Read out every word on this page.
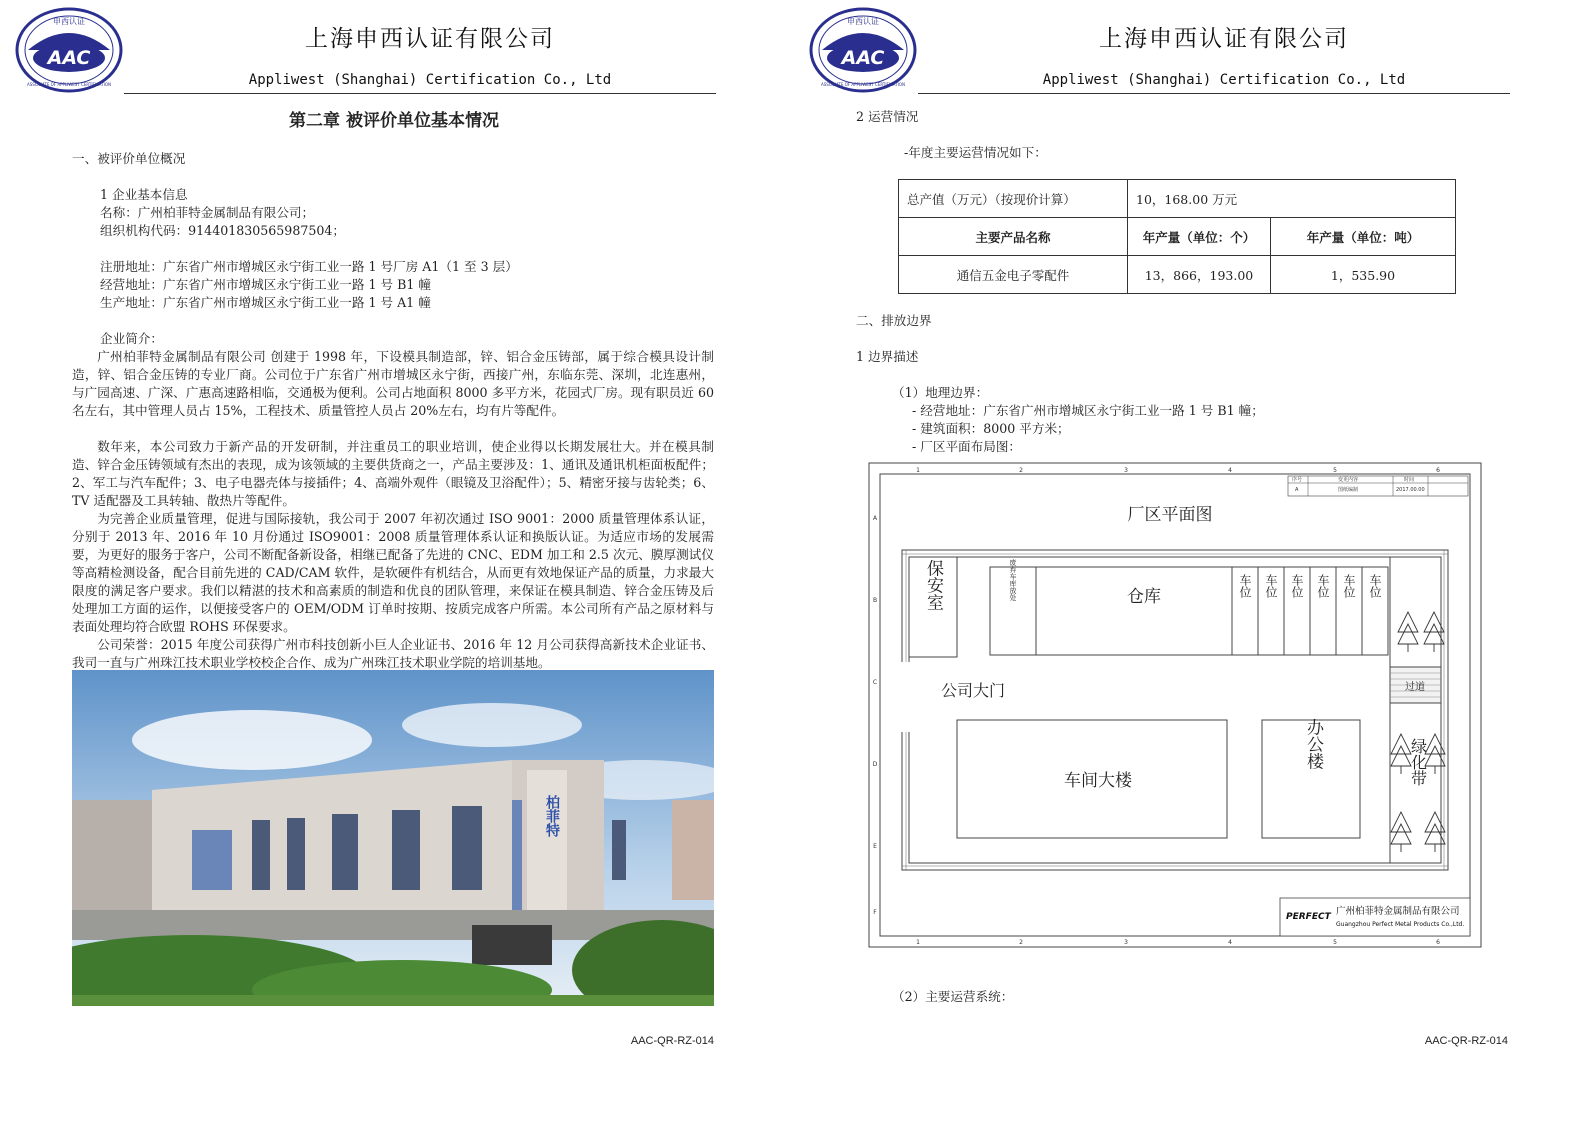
AAC
申西认证
ASSOCIATE OF APPLIWEST CERTIFICATION
上海申西认证有限公司
Appliwest (Shanghai) Certification Co., Ltd
第二章 被评价单位基本情况
一、被评价单位概况
1 企业基本信息
名称：广州柏菲特金属制品有限公司；
组织机构代码：914401830565987504；
注册地址：广东省广州市增城区永宁街工业一路 1 号厂房 A1（1 至 3 层）
经营地址：广东省广州市增城区永宁街工业一路 1 号 B1 幢
生产地址：广东省广州市增城区永宁街工业一路 1 号 A1 幢
企业简介：
广州柏菲特金属制品有限公司 创建于 1998 年，下设模具制造部，锌、铝合金压铸部，属于综合模具设计制造，锌、铝合金压铸的专业厂商。公司位于广东省广州市增城区永宁街，西接广州，东临东莞、深圳，北连惠州，与广园高速、广深、广惠高速路相临，交通极为便利。公司占地面积 8000 多平方米，花园式厂房。现有职员近 60 名左右，其中管理人员占 15%，工程技术、质量管控人员占 20%左右，均有片等配件。
数年来，本公司致力于新产品的开发研制，并注重员工的职业培训，使企业得以长期发展壮大。并在模具制造、锌合金压铸领域有杰出的表现，成为该领域的主要供货商之一，产品主要涉及：1、通讯及通讯机柜面板配件；2、军工与汽车配件；3、电子电器壳体与接插件；4、高端外观件（眼镜及卫浴配件）；5、精密牙接与齿轮类；6、TV 适配器及工具转轴、散热片等配件。
为完善企业质量管理，促进与国际接轨，我公司于 2007 年初次通过 ISO 9001：2000 质量管理体系认证，分别于 2013 年、2016 年 10 月份通过 ISO9001：2008 质量管理体系认证和换版认证。为适应市场的发展需要，为更好的服务于客户，公司不断配备新设备，相继已配备了先进的 CNC、EDM 加工和 2.5 次元、膜厚测试仪等高精检测设备，配合目前先进的 CAD/CAM 软件，是软硬件有机结合，从而更有效地保证产品的质量，力求最大限度的满足客户要求。我们以精湛的技术和高素质的制造和优良的团队管理，来保证在模具制造、锌合金压铸及后处理加工方面的运作，以便接受客户的 OEM/ODM 订单时按期、按质完成客户所需。本公司所有产品之原材料与表面处理均符合欧盟 ROHS 环保要求。
公司荣誉：2015 年度公司获得广州市科技创新小巨人企业证书、2016 年 12 月公司获得高新技术企业证书、我司一直与广州珠江技术职业学校校企合作、成为广州珠江技术职业学院的培训基地。
柏菲特
AAC-QR-RZ-014
AAC
申西认证
ASSOCIATE OF APPLIWEST CERTIFICATION
上海申西认证有限公司
Appliwest (Shanghai) Certification Co., Ltd
2 运营情况
-年度主要运营情况如下：
AAC-QR-RZ-014
总产值（万元）（按现价计算）	10，168.00 万元	
主要产品名称	年产量（单位：个）	年产量（单位：吨）
通信五金电子零配件	13，866，193.00	1，535.90
二、排放边界
1 边界描述
（1）地理边界：
- 经营地址：广东省广州市增城区永宁街工业一路 1 号 B1 幢；
- 建筑面积：8000 平方米；
- 厂区平面布局图：
（2）主要运营系统：
1	2	3	4	5	6
1	2	3	4	5	6
A
B
C
D
E
F
序号	变更内容	时间
A	图纸编制	2017.00.00
厂区平面图
保安室
公司大门
废弃车库放处	仓库	车位 车位 车位 车位 车位 车位
过道
绿化带
车间大楼
办公楼
PERFECT 广州柏菲特金属制品有限公司
Guangzhou Perfect Metal Products Co.,Ltd.
